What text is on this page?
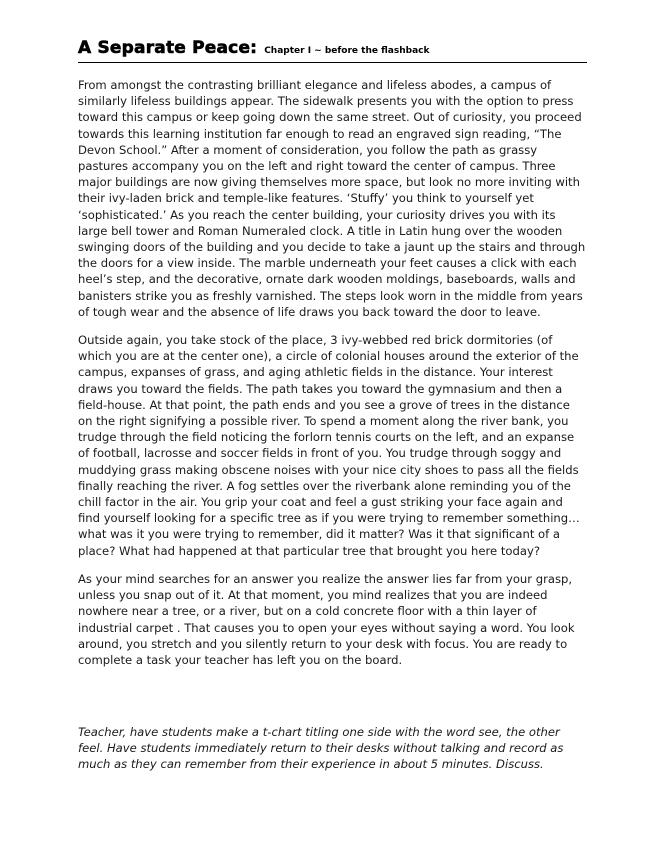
A Separate Peace: Chapter I ~ before the flashback

From amongst the contrasting brilliant elegance and lifeless abodes, a campus of similarly lifeless buildings appear. The sidewalk presents you with the option to press toward this campus or keep going down the same street. Out of curiosity, you proceed towards this learning institution far enough to read an engraved sign reading, “The Devon School.” After a moment of consideration, you follow the path as grassy pastures accompany you on the left and right toward the center of campus. Three major buildings are now giving themselves more space, but look no more inviting with their ivy-laden brick and temple-like features. ‘Stuffy’ you think to yourself yet ‘sophisticated.’ As you reach the center building, your curiosity drives you with its large bell tower and Roman Numeraled clock. A title in Latin hung over the wooden swinging doors of the building and you decide to take a jaunt up the stairs and through the doors for a view inside. The marble underneath your feet causes a click with each heel’s step, and the decorative, ornate dark wooden moldings, baseboards, walls and banisters strike you as freshly varnished. The steps look worn in the middle from years of tough wear and the absence of life draws you back toward the door to leave.

Outside again, you take stock of the place, 3 ivy-webbed red brick dormitories (of which you are at the center one), a circle of colonial houses around the exterior of the campus, expanses of grass, and aging athletic fields in the distance. Your interest draws you toward the fields. The path takes you toward the gymnasium and then a field-house. At that point, the path ends and you see a grove of trees in the distance on the right signifying a possible river. To spend a moment along the river bank, you trudge through the field noticing the forlorn tennis courts on the left, and an expanse of football, lacrosse and soccer fields in front of you. You trudge through soggy and muddying grass making obscene noises with your nice city shoes to pass all the fields finally reaching the river. A fog settles over the riverbank alone reminding you of the chill factor in the air. You grip your coat and feel a gust striking your face again and find yourself looking for a specific tree as if you were trying to remember something… what was it you were trying to remember, did it matter? Was it that significant of a place? What had happened at that particular tree that brought you here today?

As your mind searches for an answer you realize the answer lies far from your grasp, unless you snap out of it. At that moment, you mind realizes that you are indeed nowhere near a tree, or a river, but on a cold concrete floor with a thin layer of industrial carpet . That causes you to open your eyes without saying a word. You look around, you stretch and you silently return to your desk with focus. You are ready to complete a task your teacher has left you on the board.

Teacher, have students make a t-chart titling one side with the word see, the other feel. Have students immediately return to their desks without talking and record as much as they can remember from their experience in about 5 minutes. Discuss.
